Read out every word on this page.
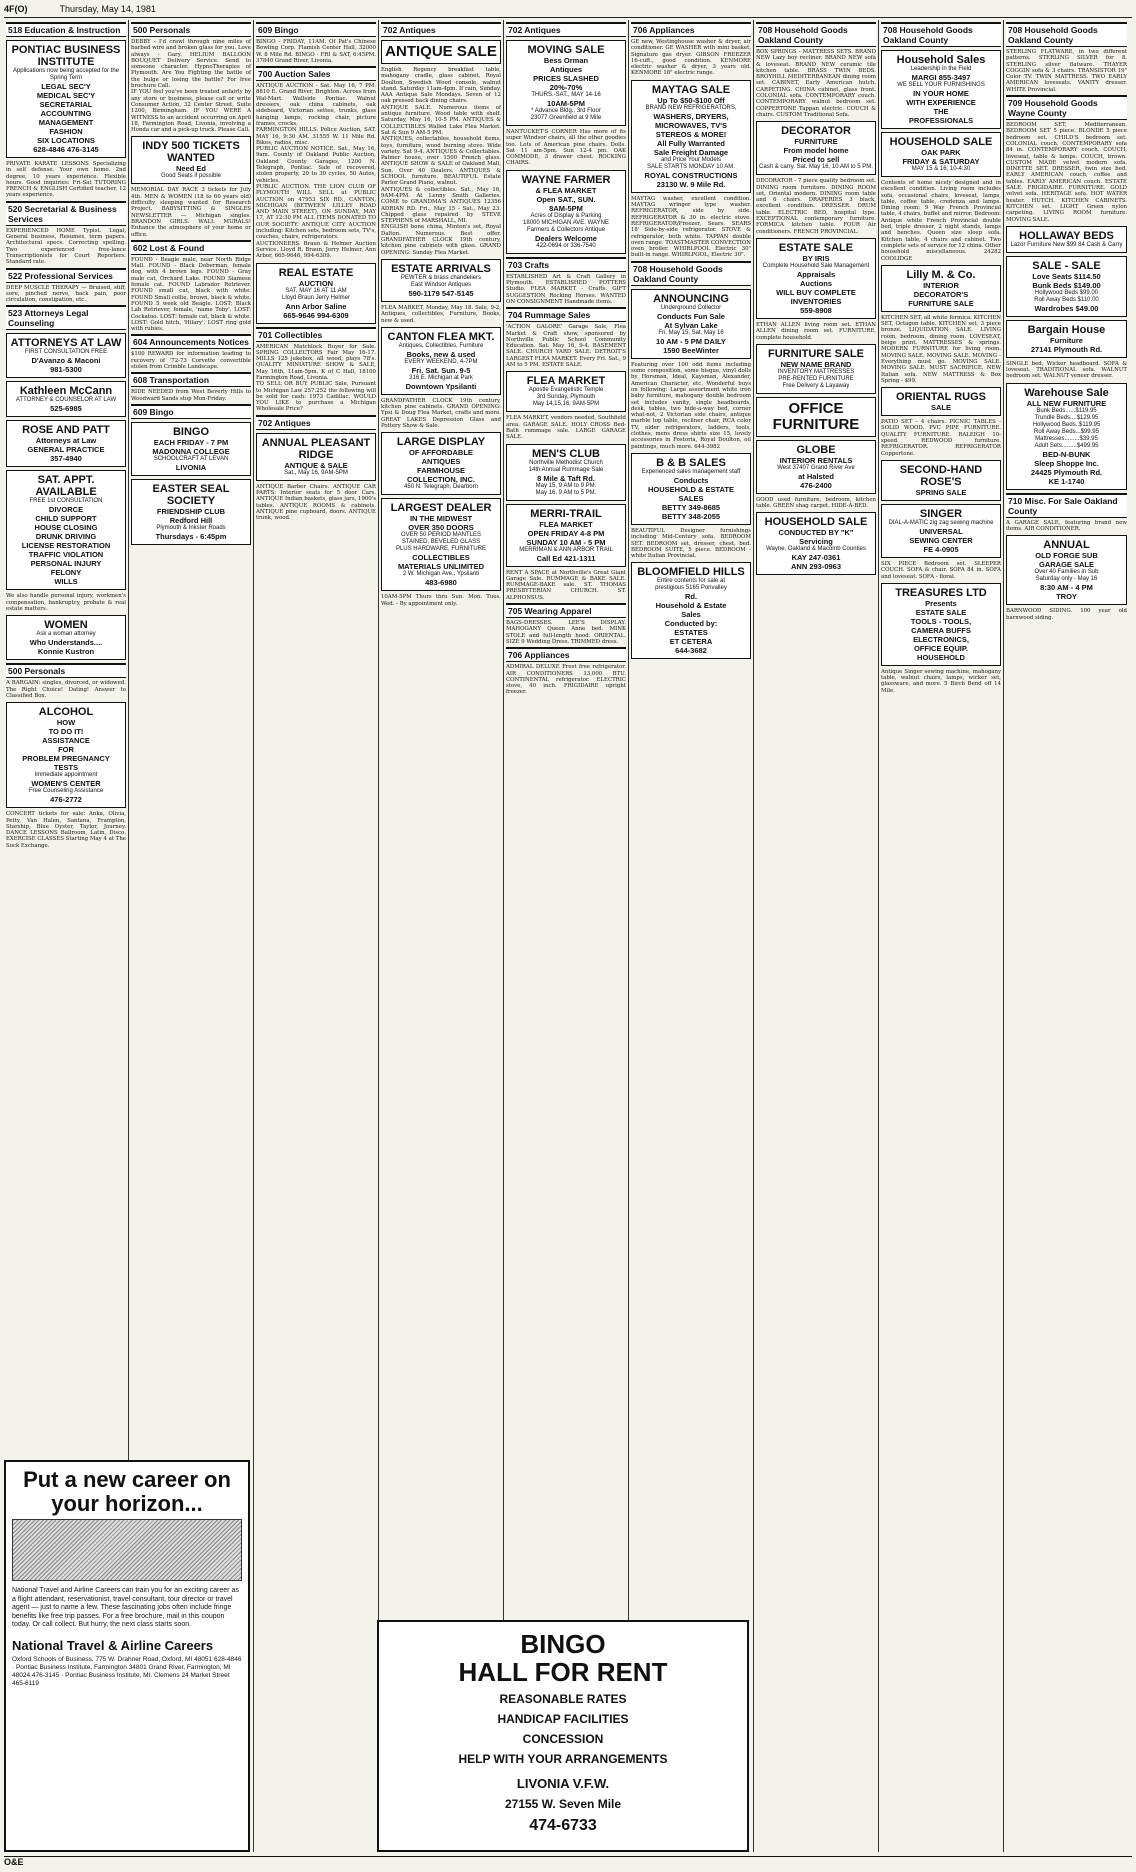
4F(O)	Thursday, May 14, 1981
518 Education & Instruction
PONTIAC BUSINESS INSTITUTE
Applications now being accepted for the Spring Term
LEGAL SEC'Y
MEDICAL SEC'Y
SECRETARIAL
ACCOUNTING
MANAGEMENT
FASHION
SIX LOCATIONS
628-4846 476-3145
PRIVATE KARATE LESSONS Specializing in self defense. Your own home. 2nd degree, 10 years experience. Flexible hours. Good inquiries: Fri-Sat TUTORING FRENCH & ENGLISH Certified teacher, 12 years experience.
520 Secretarial & Business Services
EXPERIENCED HOME Typist. Legal, General business, Resumes, term papers. Architectural specs. Correcting spelling. Two experienced free-lance Transcriptionists for Court Reporters. Standard rate.
522 Professional Services
DEEP MUSCLE THERAPY — Bruised, stiff, sore, pinched nerve, back pain, poor circulation, constipation, etc.
523 Attorneys Legal Counseling
ATTORNEYS AT LAW
FIRST CONSULTATION FREE
D'Avanzo & Maconi
981-5300
Kathleen McCann
ATTORNEY & COUNSELOR AT LAW
525-6985
ROSE AND PATT
Attorneys at Law
GENERAL PRACTICE
357-4940
SAT. APPT. AVAILABLE
FREE 1st CONSULTATION
DIVORCE
CHILD SUPPORT
HOUSE CLOSING
DRUNK DRIVING
LICENSE RESTORATION
TRAFFIC VIOLATION
PERSONAL INJURY
FELONY
WILLS
We also handle personal injury, workmen's compensation, bankruptcy, probate & real estate matters.
WOMEN
Ask a woman attorney
Who Understands....
Konnie Kustron
500 Personals
A BARGAIN: singles, divorced, or widowed. The Right Choice! Dating! Answer to Classified Box.
ALCOHOL
HOW
TO DO IT!
ASSISTANCE
FOR
PROBLEM PREGNANCY
TESTS
Immediate appointment
WOMEN'S CENTER
Free Counseling Assistance
476-2772
CONCERT tickets for sale: Anka, Olivia, Petty, Van Halen, Santana, Frampton, Starship, Blue Oyster, Taylor, Journey. DANCE LESSONS Ballroom, Latin, Disco. EXERCISE CLASSES Starting May 4 at The Sock Exchange.
500 Personals
DEBBY - I'd crawl through nine miles of barbed wire and broken glass for you. Love always - Gary. HELIUM BALLOON BOUQUET Delivery Service. Send to someone character. HypnoTherapies of Plymouth. Are You Fighting the battle of the bulge or losing the battle? For free brochure Call.
IF YOU feel you've been treated unfairly by any store or business, please call or write Consumer Action, 32 Center Street, Suite 1200, Birmingham. IF YOU WERE A WITNESS to an accident occurring on April 18, Farmington Road, Livonia, involving a Honda car and a pick-up truck. Please Call.
INDY 500 TICKETS WANTED
Need Ed
Good Seats if possible
MEMORIAL DAY RACE 3 tickets for July 4th. MEN & WOMEN (18 to 60 years old) difficulty sleeping wanted for Research Project. BABYSITTING & SINGLES NEWSLETTER — Michigan singles. BRANDON GIRLS. WALL MURALS! Enhance the atmosphere of your home or office.
602 Lost & Found
FOUND - Beagle male, near North Ridge Mall. FOUND - Black Doberman, female dog, with 4 brown legs. FOUND - Gray male cat, Orchard Lake. FOUND Siamese female cat. FOUND Labrador Retriever. FOUND small cat, black with white. FOUND Small collie, brown, black & white. FOUND 5 week old Beagle. LOST: Black Lab Retriever, female, 'name Toby'. LOST: Cockatoo. LOST: female cat, black & white. LOST: Gold hitch, 'Hilary'. LOST ring gold with rubies.
604 Announcements Notices
$100 REWARD for information leading to recovery of '72-73 Corvette convertible stolen from Crimble Landscape.
608 Transportation
RIDE NEEDED from West Beverly Hills to Woodward Sands stop Mon-Friday.
609 Bingo
BINGO
EACH FRIDAY - 7 PM
MADONNA COLLEGE
SCHOOLCRAFT AT LEVAN
LIVONIA
EASTER SEAL SOCIETY
FRIENDSHIP CLUB
Redford Hill
Plymouth & Inkster Roads
Thursdays - 6:45pm
609 Bingo
BINGO - FRIDAY, 11AM. Of Pat's Chinese Bowling Corp. Flamish Center Hall, 32000 W. 8 Mile Rd. BINGO - FRI & SAT, 6:45PM. 37840 Grand River, Livonia.
700 Auction Sales
ANTIQUE AUCTION - Sat. May 16, 7 PM. 8810 E. Grand River, Brighton. Across from Wal-Mart. Wallside Pontiac. Walnut dressers, oak china cabinets, oak sideboard, Victorian settee, trunks, glass hanging lamps, rocking chair, picture frames, crocks.
FARMINGTON HILLS. Police Auction, SAT. MAY 16, 9:30 AM. 31555 W. 11 Mile Rd. Bikes, radios, misc.
PUBLIC AUCTION NOTICE. Sat., May 16, 9am. County of Oakland Public Auction, Oakland County Garages, 1200 N. Telegraph, Pontiac. Sale of recovered, stolen property, 20 to 30 cycles, 50 Autos, vehicles.
PUBLIC AUCTION. THE LION CLUB OF PLYMOUTH WILL SELL at PUBLIC AUCTION on 47953 SIX RD., CANTON, MICHIGAN (BETWEEN LILLEY ROAD AND MAIN STREET), ON SUNDAY, MAY 17, AT 12:30 PM ALL ITEMS DONATED TO OUR SOCIETY. ANTIQUE CITY AUCTION including: Kitchen sets, bedroom sets, TV's, couches, chairs, refrigerators.
AUCTIONEERS. Braun & Helmer Auction Service. Lloyd R. Braun, Jerry Helmer, Ann Arbor, 665-9646, 994-6309.
REAL ESTATE
AUCTION
SAT. MAY 16 AT 11 AM
Lloyd Braun Jerry Helmer
Ann Arbor Saline
665-9646 994-6309
701 Collectibles
AMERICAN Matchlock Buyer for Sale. SPRING COLLECTORS Fair May 16-17. MILLS 125 jukebox, all wood, plays 78's. QUALITY MINIATURE SHOW & SALE, May 16th, 11am-5pm. K of C Hall, 18100 Farmington Road, Livonia.
TO SELL OR BUY PUBLIC Sale, Pursuant to Michigan Law 257.252 the following will be sold for cash: 1973 Cadillac. WOULD YOU LIKE to purchase a Michigan Wholesale Price?
702 Antiques
ANNUAL PLEASANT RIDGE
ANTIQUE & SALE
Sat., May 16, 9AM-5PM
ANTIQUE Barber Chairs. ANTIQUE CAR PARTS: Interior seats for 5 door Cars. ANTIQUE Indian baskets, glass jars, 1900's tables. ANTIQUE ROOMS & cabinets. ANTIQUE pine cupboard, doors. ANTIQUE trunk, wood.
702 Antiques
ANTIQUE SALE
English Regency breakfast table, mahogany cradle, glass cabinet, Royal Doulton, Swedish Wood console, walnut stand. Saturday 11am-4pm. If rain, Sunday. AAA Antique Sale Mondays. Seven of 12 oak pressed back dining chairs.
ANTIQUE SALE. Numerous items of antique furniture. Wood table with shelf. Saturday, May 16, 10-5 PM. ANTIQUES & COLLECTIBLES Walled Lake Flea Market. Sat & Sun 9 AM-5 PM.
ANTIQUES, collectables, household items, toys, furniture, wood burning stove. Wide variety. Sat 9-4. ANTIQUES & Collectables. Palmer house, over 1500 French glass. ANTIQUE SHOW & SALE of Oakland Mall, Sun. Over 40 Dealers. ANTIQUES & SCHOOL furniture. BEAUTIFUL Estate Parlor Grand Piano, walnut.
ANTIQUES & collectibles. Sat., May 16, 9AM-4PM. At Lenny Smith Galleries. COME to GRANDMA'S ANTIQUES 12356 ADRIAN RD. Fri., May 15 - Sat., May 23. Chipped glass repaired by STEVE STEPHENS of MARSHALL, MI.
ENGLISH bone china, Minton's set, Royal Dalton. Numerous. Best offer. GRANDFATHER CLOCK 19th century, kitchen pine cabinets with glass. GRAND OPENING: Sunday Flea Market.
ESTATE ARRIVALS
PEWTER & brass chandeliers
East Windsor Antiques
590-1179 547-5145
FLEA MARKET, Monday, May 18. Sale, 9-2, Antiques, collectibles, Furniture, Books, new & used.
CANTON FLEA MKT.
Antiques, Collectibles, Furniture
Books, new & used
EVERY WEEKEND, 4-7PM
Fri. Sat. Sun. 9-5
316 E. Michigan at Park
Downtown Ypsilanti
GRANDFATHER CLOCK 19th century, kitchen pine cabinets. GRAND OPENING: Ypsi & Doug Flea Market, crafts and more. GREAT LAKES Depression Glass and Pottery Show & Sale.
LARGE DISPLAY
OF AFFORDABLE
ANTIQUES
FARMHOUSE
COLLECTION, INC.
450 N. Telegraph, Dearborn
LARGEST DEALER
IN THE MIDWEST
OVER 350 DOORS
OVER 50 PERIOD MANTLES
STAINED, BEVELED GLASS
PLUS HARDWARE, FURNITURE
COLLECTIBLES
MATERIALS UNLIMITED
2 W. Michigan Ave., Ypsilanti
483-6980
10AM-5PM Thurs thru Sun. Mon. Tues. Wed. - By appointment only.
702 Antiques
MOVING SALE
Bess Orman
Antiques
PRICES SLASHED
20%-70%
THURS.-SAT., MAY 14-16
10AM-5PM
* Advance Bldg., 3rd Floor
23077 Greenfield at 9 Mile
NANTUCKET'S CORNER Has more of its super Windsor chairs, all the other goodies too. Lots of American pine chairs. Dolls. Sat 11 am-5pm. Sun 12-4 pm. OAK COMMODE, 3 drawer chest. ROCKING CHAIRS.
WAYNE FARMER
& FLEA MARKET
Open SAT., SUN.
8AM-5PM
Acres of Display & Parking
18000 MICHIGAN AVE. WAYNE
Farmers & Collectors Antique
Dealers Welcome
422-0694 or 336-7540
703 Crafts
ESTABLISHED Art & Craft Gallery in Plymouth. ESTABLISHED POTTERS Studio. FLEA MARKET - Crafts. GIFT SUGGESTION Rocking Horses. WANTED ON CONSIGNMENT Handmade items.
704 Rummage Sales
'ACTION GALORE' Garage Sale, Flea Market & Craft show, sponsored by Northville Public School Community Education. Sat. May 16, 9-4. BASEMENT SALE. CHURCH YARD SALE. DETROIT'S LARGEST FLEA MARKET. Every Fri. Sat., 9 AM to 5 PM. ESTATE SALE.
FLEA MARKET
Apostle Evangelistic Temple
3rd Sunday, Plymouth
May 14,15,16, 9AM-5PM
FLEA MARKET, vendors needed, Southfield area. GARAGE SALE. HOLY CROSS Bed-Bath rummage sale. LARGE GARAGE SALE.
MEN'S CLUB
Northville Methodist Church
14th Annual Rummage Sale
8 Mile & Taft Rd.
May 15, 9 AM to 9 PM.
May 16, 9 AM to 5 PM.
MERRI-TRAIL
FLEA MARKET
OPEN FRIDAY 4-8 PM
SUNDAY 10 AM - 5 PM
MERRIMAN & ANN ARBOR TRAIL
Call Ed 421-1311
RENT A SPACE at Northville's Great Giant Garage Sale. RUMMAGE & BAKE SALE. RUMMAGE-BAKE sale. ST. THOMAS PRESBYTERIAN CHURCH. ST. ALPHONSUS.
705 Wearing Apparel
BAGS-DRESSES. LEE'S DISPLAY. MAHOGANY Queen Anne bed. MINK STOLE and full-length hood. ORIENTAL. SIZE 9 Wedding Dress. TRIMMED dress.
706 Appliances
ADMIRAL DELUXE Frost free refrigerator. AIR CONDITIONERS 13,000 BTU. CONTINENTAL refrigerator. ELECTRIC stove, 40 inch. FRIGIDAIRE upright freezer.
706 Appliances
GE new, Westinghouse washer & dryer, air conditioner. GE WASHER with mini basket, Signature gas dryer. GIBSON FREEZER 16-cuft., good condition. KENMORE electric washer & dryer, 3 years old. KENMORE 18" electric range.
MAYTAG SALE
Up To $50-$100 Off
BRAND NEW REFRIGERATORS,
WASHERS, DRYERS,
MICROWAVES, TV'S
STEREOS & MORE!
All Fully Warranted
Sale Freight Damage
and Price Your Models
SALE STARTS MONDAY 10 AM.
ROYAL CONSTRUCTIONS
23130 W. 9 Mile Rd.
MAYTAG washer, excellent condition. MAYTAG wringer type washer. REFRIGERATOR, side by side. REFRIGERATOR & 30 in. electric stove. REFRIGERATOR/Freezer, Sears. SEARS 18' Side-by-side refrigerator. STOVE & refrigerator, both white. TAPPAN double oven range. TOASTMASTER CONVECTION oven broiler. WHIRLPOOL Electric 30" built-in range. WHIRLPOOL, Electric 30".
708 Household Goods Oakland County
ANNOUNCING
Underground Collector
Conducts Fun Sale
At Sylvan Lake
Fri. May 15, Sat. May 16
10 AM - 5 PM DAILY
1590 BeeWinter
Featuring over 100 odd items including some composition, some bisque, vinyl dolls by Horsman, Ideal, Kaysman, Alexander, American Character, etc. Wonderful buys on following: Large assortment white iron baby furniture, mahogany double bedroom set includes vanity, single headboards, desk, tables, two hide-a-way bed, corner what-not, 2 Victorian side chairs, antique marble top table, recliner chair, RCA color TV, older refrigerators, ladders, tools, clothes, mens dress shirts size 15, lovely accessories in Fostoria, Royal Doulton, oil paintings, much more. 644-3982
B & B SALES
Experienced sales management staff
Conducts
HOUSEHOLD & ESTATE
SALES
BETTY 349-8685
BETTY 348-2055
BEAUTIFUL Designer furnishings including Mid-Century sofa. BEDROOM SET. BEDROOM set, dresser, chest, bed. BEDROOM SUITE, 5 piece. BEDROOM - white Italian Provincial.
BLOOMFIELD HILLS
Entire contents for sale at
prestigious 5165 Ponvalley
Rd.
Household & Estate
Sales
Conducted by:
ESTATES
ET CETERA
644-3682
708 Household Goods Oakland County
BOX SPRINGS - MATTRESS SETS. BRAND NEW Lazy boy recliner. BRAND NEW sofa & loveseat. BRAND NEW ceramic tile kitchen table. BRASS TWIN BEDS. BROYHILL MEDITERRANEAN dining room set. CABINET, Early American hutch. CARPETING. CHINA cabinet, glass front. COLONIAL sofa. CONTEMPORARY couch. CONTEMPORARY walnut bedroom set. COPPERTONE Tappan electric. COUCH & chairs. CUSTOM Traditional Sofa.
DECORATOR
FURNITURE
From model home
Priced to sell
Cash & carry. Sat. May 16, 10 AM to 5 PM.
DECORATOR - 7 piece quality bedroom set. DINING room furniture. DINING ROOM set, Oriental modern. DINING room table and 6 chairs. DRAPERIES 3 black, excellent condition. DRESSER. DRUM table. ELECTRIC BED, hospital type. EXCEPTIONAL contemporary furniture. FORMICA kitchen table. FOUR Air conditioners. FRENCH PROVINCIAL.
ESTATE SALE
BY IRIS
Complete Household Sale Management
Appraisals
Auctions
WILL BUY COMPLETE
INVENTORIES
559-8908
ETHAN ALLEN living room set. ETHAN ALLEN dining room set. FURNITURE, complete household.
FURNITURE SALE
NEW NAME BRAND
INVENTORY MATTRESSES
PRE-RENTED FURNITURE
Free Delivery & Layaway
OFFICE FURNITURE
GLOBE
INTERIOR RENTALS
West 37407 Grand River Ave
at Halsted
476-2400
GOOD used furniture, bedroom, kitchen table. GREEN shag carpet. HIDE-A-BED.
HOUSEHOLD SALE
CONDUCTED BY "K"
Servicing
Wayne, Oakland & Macomb Counties
KAY 247-0361
ANN 293-0963
708 Household Goods Oakland County
Household Sales
Leadership in the Field
MARGI 855-3497
WE SELL YOUR FURNISHINGS
IN YOUR HOME
WITH EXPERIENCE
THE
PROFESSIONALS
HOUSEHOLD SALE
OAK PARK
FRIDAY & SATURDAY
MAY 15 & 16; 10-4:30
Contents of home nicely designed and in excellent condition. Living room includes sofa, occasional chairs, loveseat, lamps, table, coffee table, credenza and lamps. Dining room: 9 Way French Provincial table, 4 chairs, buffet and mirror. Bedroom: Antique white French Provincial double bed, triple dresser, 2 night stands, lamps and benches. Queen size sleep sofa. Kitchen table, 4 chairs and cabinet. Two complete sets of service for 12 china. Other household miscellaneous. 24282 COOLIDGE
Lilly M. & Co.
INTERIOR
DECORATOR'S
FURNITURE SALE
KITCHEN SET, all white formica. KITCHEN SET, Octagon table. KITCHEN set, 3 piece bronze. LIQUIDATION SALE. LIVING room, bedroom, dining room. LOVESEAT, beige print. MATTRESSES & springs. MODERN FURNITURE for living room. MOVING SALE. MOVING SALE. MOVING - Everything must go. MOVING SALE. MOVING SALE. MUST SACRIFICE. NEW Italian sofa. NEW MATTRESS & Box Spring - $99.
ORIENTAL RUGS
SALE
PATIO SET - 4 chairs. PICNIC TABLES - SOLID WOOD. PVC PIPE FURNITURE. QUALITY FURNITURE. RALEIGH 10-speed. REDWOOD furniture. REFRIGERATOR. REFRIGERATOR Coppertone.
SECOND-HAND ROSE'S
SPRING SALE
SINGER
DIAL-A-MATIC zig zag sewing machine
UNIVERSAL
SEWING CENTER
FE 4-0905
SIX PIECE Bedroom set. SLEEPER COUCH. SOFA & chair. SOFA 84 in. SOFA and loveseat. SOFA - floral.
TREASURES LTD
Presents
ESTATE SALE
TOOLS - TOOLS,
CAMERA BUFFS
ELECTRONICS,
OFFICE EQUIP.
HOUSEHOLD
Antique Singer sewing machine, mahogany table, walnut chairs, lamps, wicker set, glassware, and more. 5 Birch Bend off 14 Mile.
708 Household Goods Oakland County
STERLING FLATWARE, in two different patterns. STERLING SILVER for 8. STERLING silver flatware. THAYER COGGIN sofa & 3 chairs. TRANSISTOR 19" Color TV. TWIN MATTRESS. TWO EARLY AMERICAN loveseats. VANITY dresser. WHITE Provincial.
709 Household Goods Wayne County
BEDROOM SET, Mediterranean. BEDROOM SET 5 piece. BLONDE 5 piece bedroom set. CHILD'S bedroom set. COLONIAL couch. CONTEMPORARY sofa 84 in. CONTEMPORARY couch. COUCH, loveseat, table & lamps. COUCH, brown. CUSTOM MADE velvet modern sofa. DINETTE SET. DRESSER, twin size bed. EARLY AMERICAN couch, coffee and tables. EARLY AMERICAN couch. ESTATE SALE. FRIGIDAIRE. FURNITURE. GOLD velvet sofa. HERITAGE sofa. HOT WATER heater. HUTCH. KITCHEN CABINETS. KITCHEN set. LIGHT Green nylon carpeting. LIVING ROOM furniture. MOVING SALE.
HOLLAWAY BEDS
Lazor Furniture New $99 84 Cash & Carry
SALE - SALE
Love Seats $114.50
Bunk Beds $149.00
Hollywood Beds $99.00
Roll Away Beds $110.00
Wardrobes $49.00
Bargain House
Furniture
27141 Plymouth Rd.
SINGLE bed, Wicker headboard. SOFA & loveseat. TRADITIONAL sofa. WALNUT bedroom set. WALNUT veneer dresser.
Warehouse Sale
ALL NEW FURNITURE
Bunk Beds......$119.95
Trundle Beds....$129.95
Hollywood Beds..$119.95
Roll Away Beds...$99.95
Mattresses.........$39.95
Adult Sets.........$499.95
BED-N-BUNK
Sleep Shoppe Inc.
24425 Plymouth Rd.
KE 1-1740
710 Misc. For Sale Oakland County
A GARAGE SALE, featuring brand new items. AIR CONDITIONER.
ANNUAL
OLD FORGE SUB
GARAGE SALE
Over 40 Families in Sub
Saturday only - May 16
8:30 AM - 4 PM
TROY
BARNWOOD SIDING. 100 year old barnwood siding.
Put a new career on your horizon...
National Travel and Airline Careers can train you for an exciting career as a flight attendant, reservationist, travel consultant, tour director or travel agent — just to name a few. These fascinating jobs often include fringe benefits like free trip passes. For a free brochure, mail in this coupon today. Or call collect. But hurry, the next class starts soon.
National Travel & Airline Careers
Oxford Schools of Business, 775 W. Drahner Road, Oxford, MI 48051 628-4846 · Pontiac Business Institute, Farmington 34801 Grand River, Farmington, MI 48024 476-3145 · Pontiac Business Institute, Mt. Clemens 24 Market Street 465-6119
BINGO
HALL FOR RENT
REASONABLE RATES
HANDICAP FACILITIES
CONCESSION
HELP WITH YOUR ARRANGEMENTS
LIVONIA V.F.W.
27155 W. Seven Mile
474-6733
O&E
